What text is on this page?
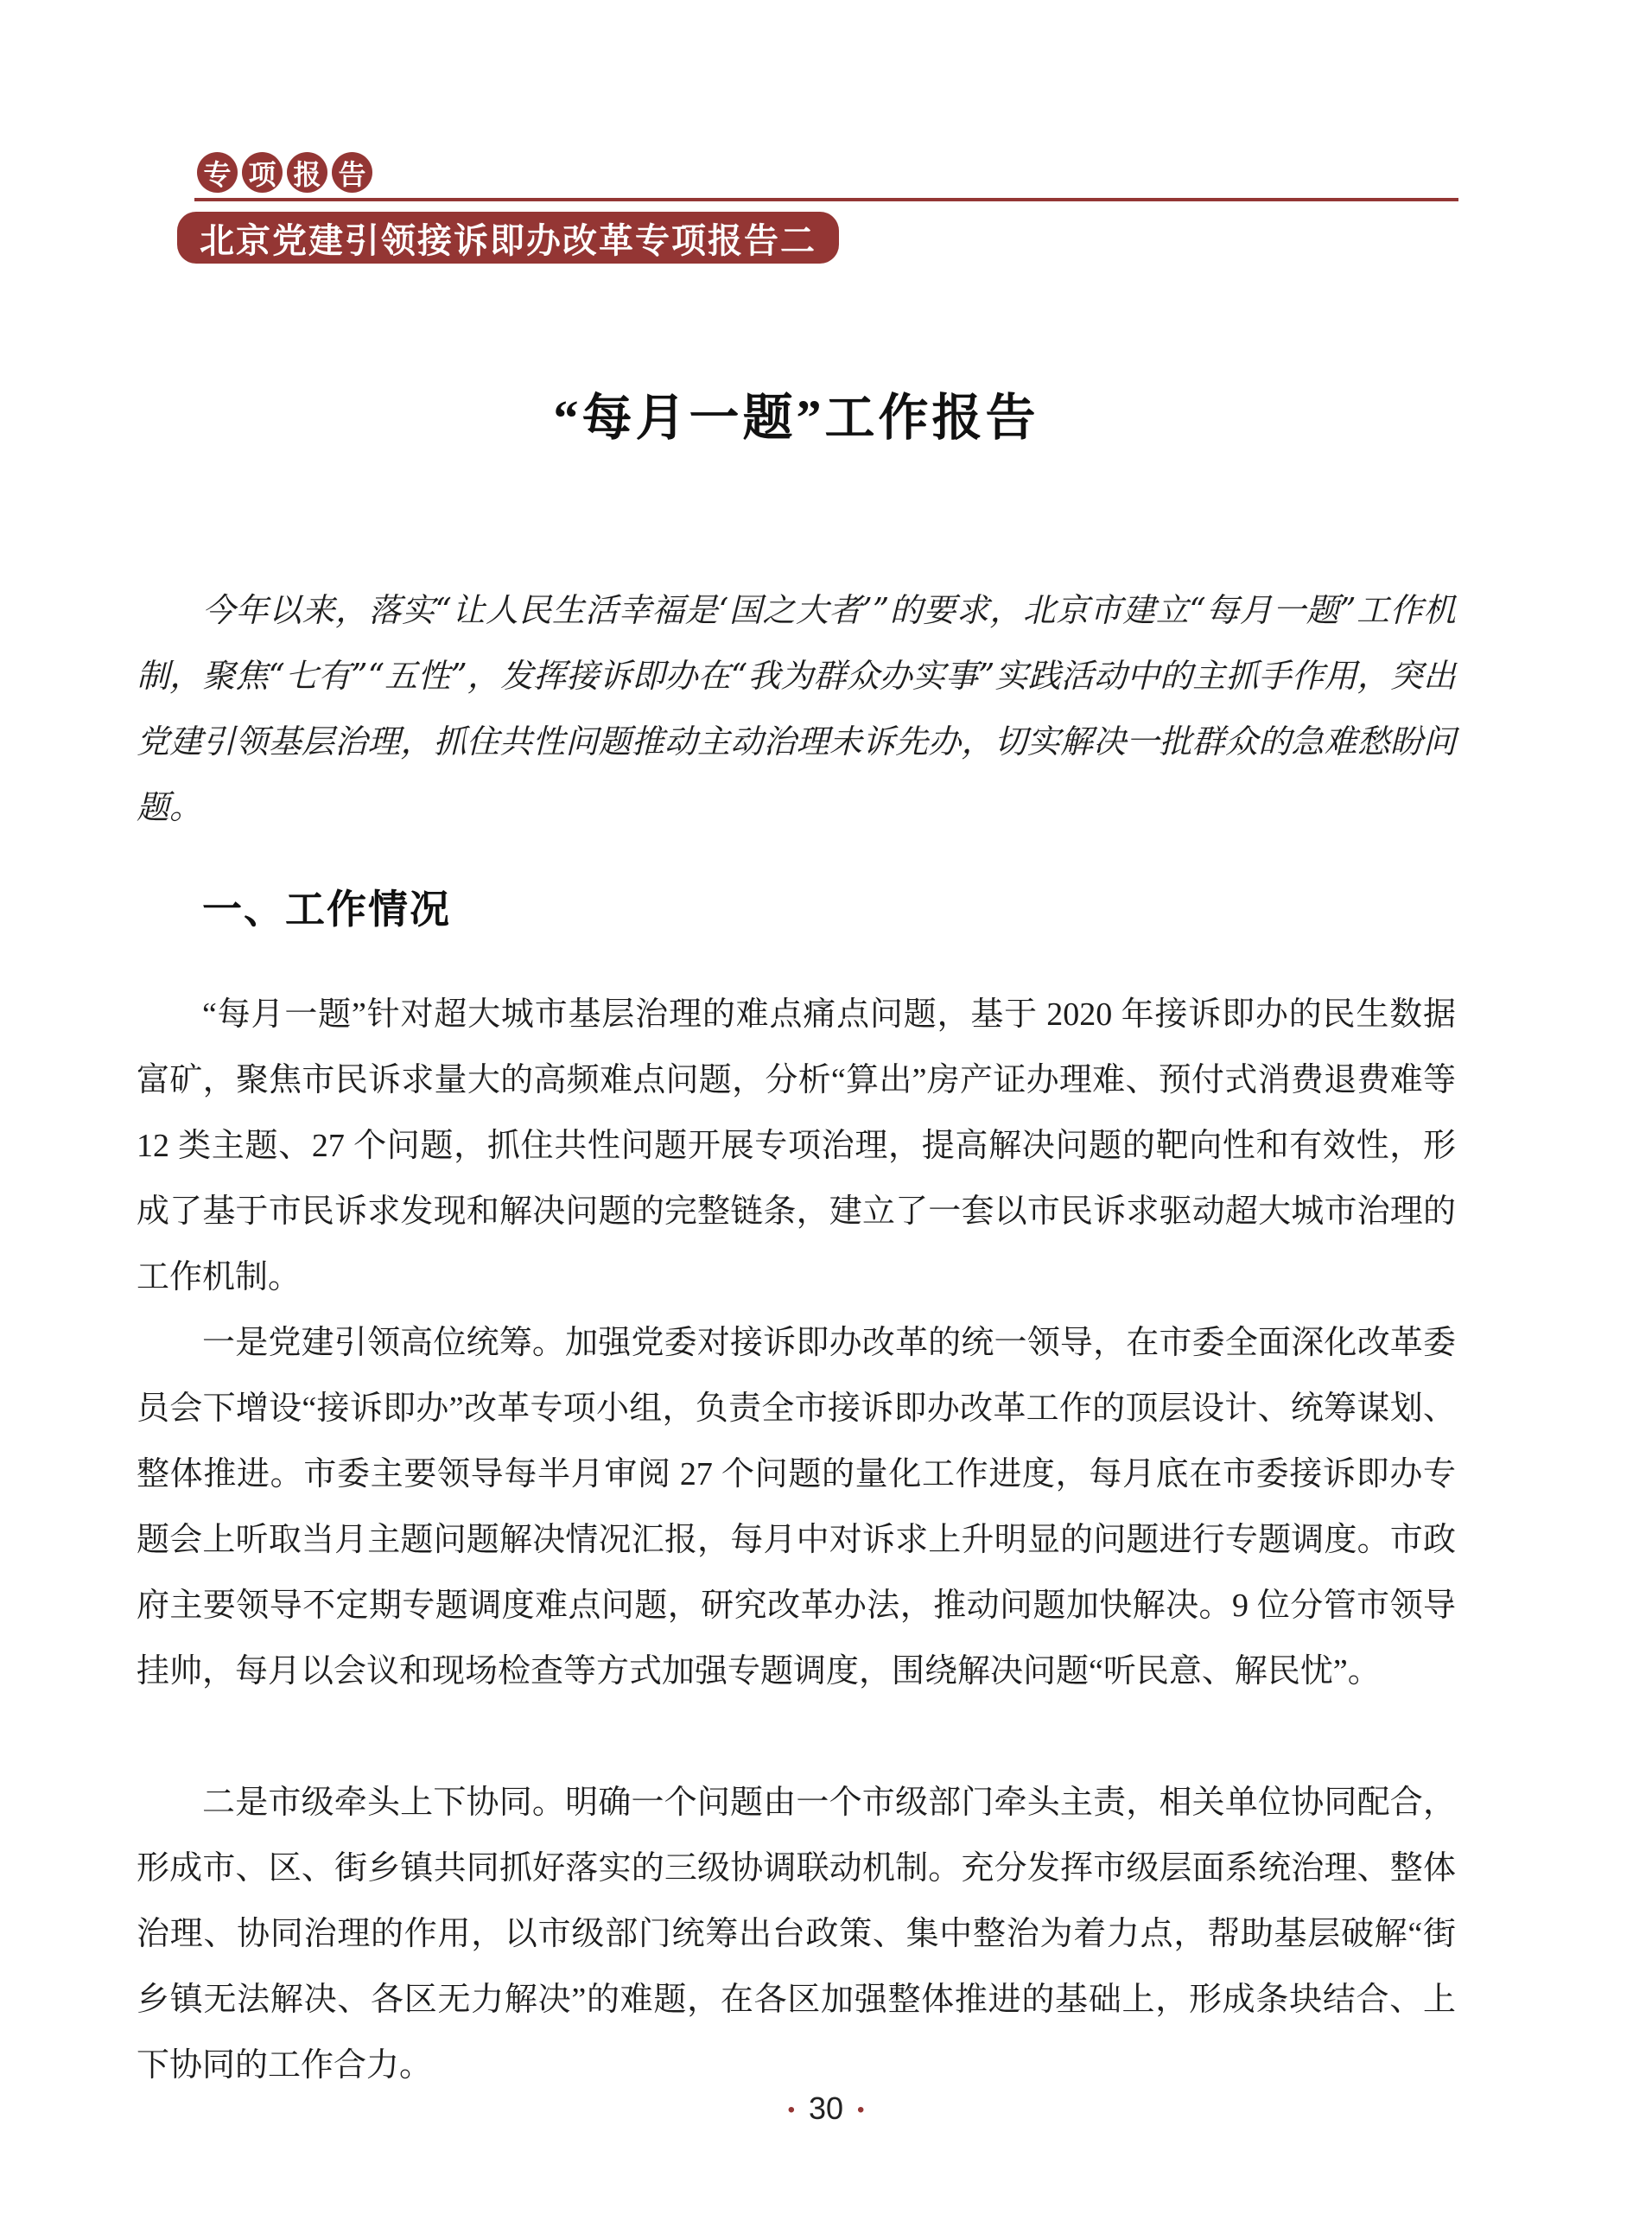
专 项 报 告
北京党建引领接诉即办改革专项报告二
“每月一题”工作报告

今年以来，落实“让人民生活幸福是‘国之大者’”的要求，北京市建立“每月一题”工作机制，聚焦“七有”“五性”，发挥接诉即办在“我为群众办实事”实践活动中的主抓手作用，突出党建引领基层治理，抓住共性问题推动主动治理未诉先办，切实解决一批群众的急难愁盼问题。

一、工作情况

“每月一题”针对超大城市基层治理的难点痛点问题，基于 2020 年接诉即办的民生数据富矿，聚焦市民诉求量大的高频难点问题，分析“算出”房产证办理难、预付式消费退费难等 12 类主题、27 个问题，抓住共性问题开展专项治理，提高解决问题的靶向性和有效性，形成了基于市民诉求发现和解决问题的完整链条，建立了一套以市民诉求驱动超大城市治理的工作机制。

一是党建引领高位统筹。加强党委对接诉即办改革的统一领导，在市委全面深化改革委员会下增设“接诉即办”改革专项小组，负责全市接诉即办改革工作的顶层设计、统筹谋划、整体推进。市委主要领导每半月审阅 27 个问题的量化工作进度，每月底在市委接诉即办专题会上听取当月主题问题解决情况汇报，每月中对诉求上升明显的问题进行专题调度。市政府主要领导不定期专题调度难点问题，研究改革办法，推动问题加快解决。9 位分管市领导挂帅，每月以会议和现场检查等方式加强专题调度，围绕解决问题“听民意、解民忧”。

二是市级牵头上下协同。明确一个问题由一个市级部门牵头主责，相关单位协同配合，形成市、区、街乡镇共同抓好落实的三级协调联动机制。充分发挥市级层面系统治理、整体治理、协同治理的作用，以市级部门统筹出台政策、集中整治为着力点，帮助基层破解“街乡镇无法解决、各区无力解决”的难题，在各区加强整体推进的基础上，形成条块结合、上下协同的工作合力。

• 30 •
